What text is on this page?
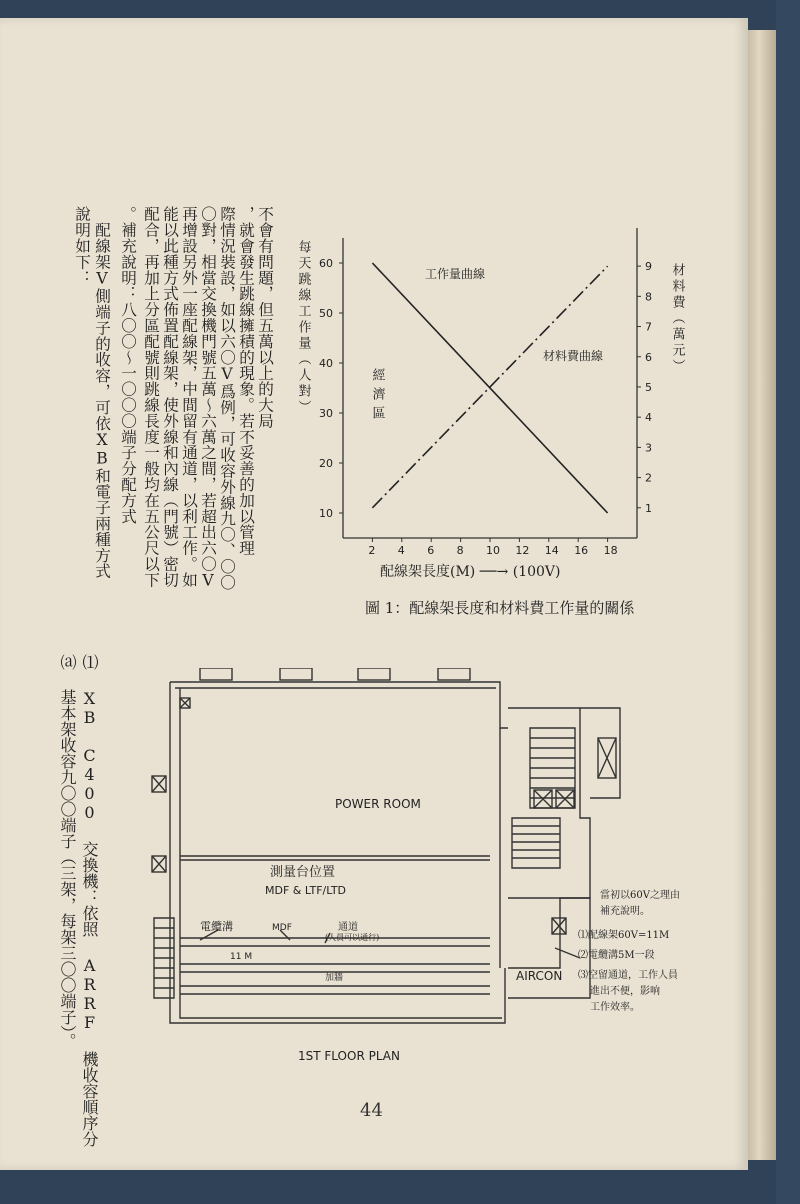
不會有問題，但五萬以上的大局
，就會發生跳線擁積的現象。若不妥善的加以管理
際情況裝設，如以六〇V爲例，可收容外線九〇、〇〇
〇對，相當交換機門號五萬～六萬之間，若超出六〇V
再增設另外一座配線架，中間留有通道，以利工作。如
能以此種方式佈置配線架，使外線和內線（門號）密切
配合，再加上分區配號則跳線長度一般均在五公尺以下
。補充說明：八〇〇～一〇〇〇端子分配方式
說明如下： 　配線架V側端子的收容，可依XB和電子兩種方式
⑴ XB C400 交換機：依照 ARRF 機收容順序分
⒜ 基本架收容九〇〇端子（三架，每架三〇〇端子）。
2 4 6 8 10 12 14 16 18
10
20
30
40
50
60
1
2
3
4
5
6
7
8
9
圖 1：配線架長度和材料費工作量的關係
配線架長度(M) ──→ (100V)
經濟區
工作量曲線
材料費曲線
每天跳線工作量（人對）	材料費（萬元）
POWER ROOM
測量台位置
MDF & LTF/LTD
電纜溝	MDF	通道
(人員可以通行)
加牆
11 M
AIRCON
1ST FLOOR PLAN
當初以60V之理由
補充說明。
⑴配線架60V=11M
⑵電纜溝5M一段
⑶空留通道，工作人員
進出不便，影响
工作效率。
44
